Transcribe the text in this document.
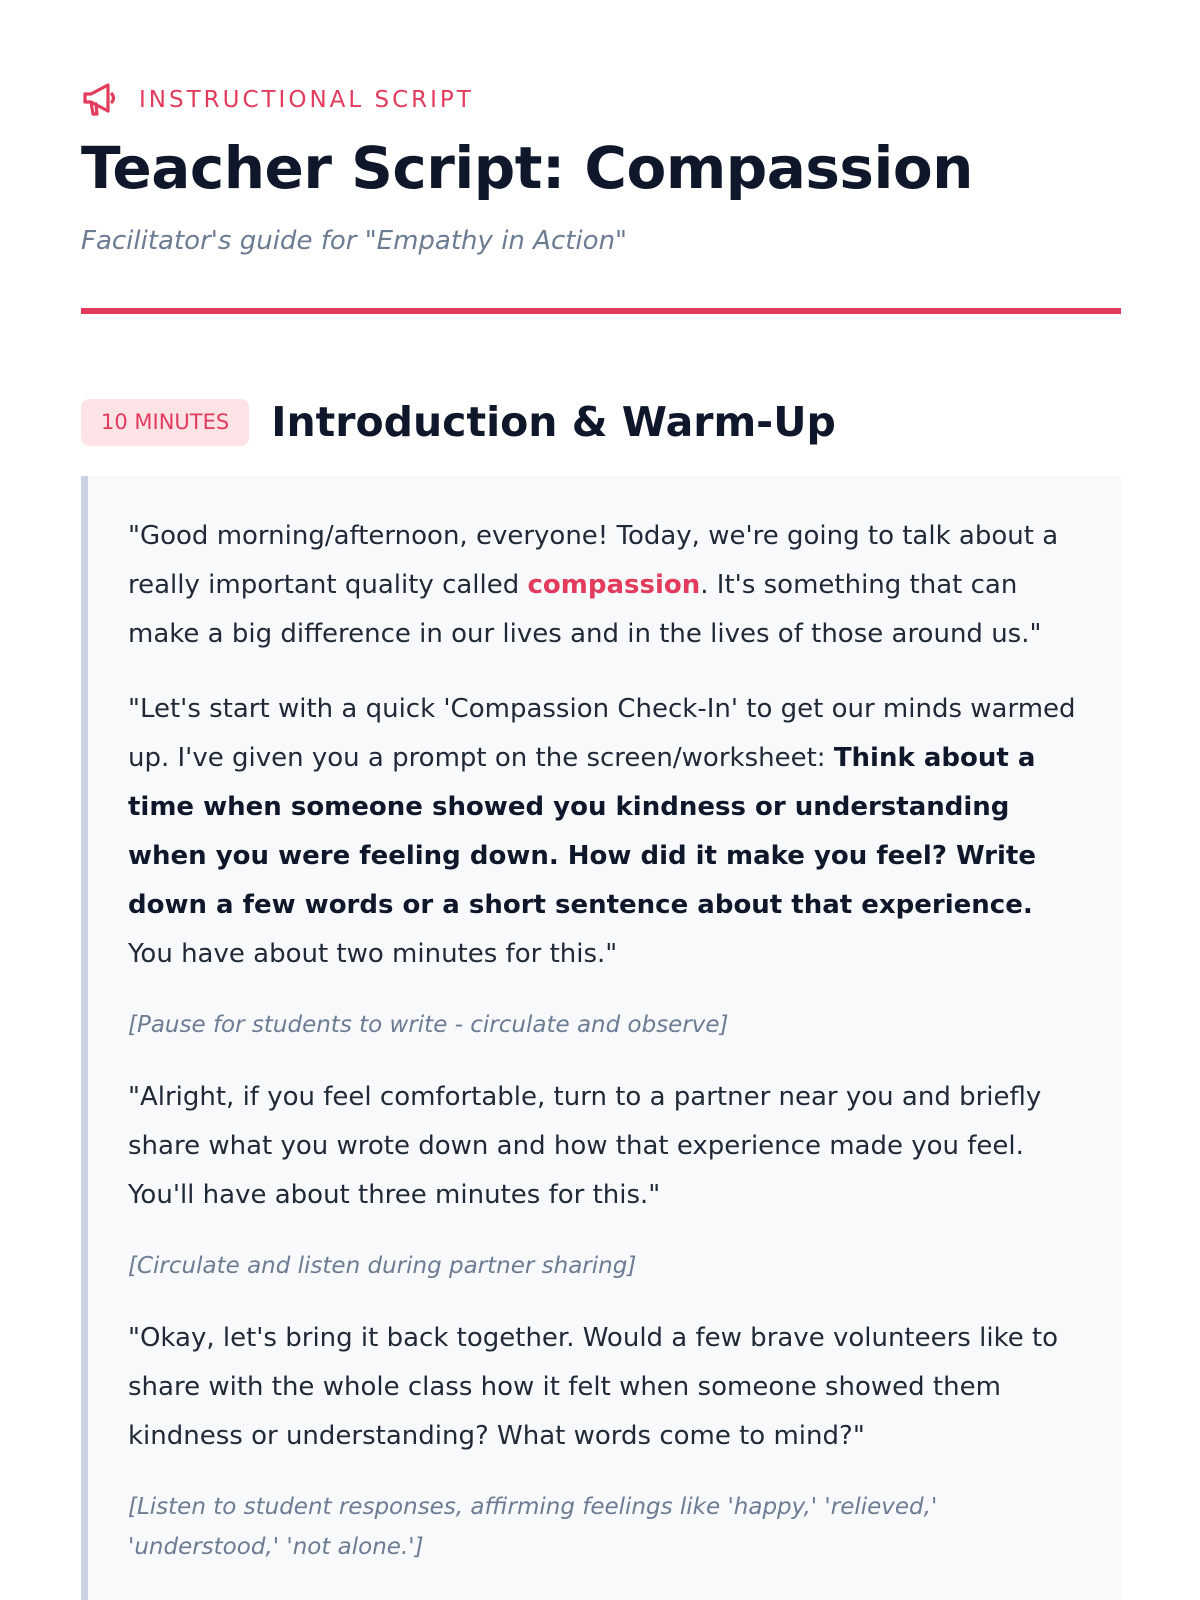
INSTRUCTIONAL SCRIPT
Teacher Script: Compassion
Facilitator's guide for "Empathy in Action"
10 MINUTES	Introduction & Warm-Up

"Good morning/afternoon, everyone! Today, we're going to talk about a really important quality called compassion. It's something that can make a big difference in our lives and in the lives of those around us."

"Let's start with a quick 'Compassion Check-In' to get our minds warmed up. I've given you a prompt on the screen/worksheet: Think about a time when someone showed you kindness or understanding when you were feeling down. How did it make you feel? Write down a few words or a short sentence about that experience. You have about two minutes for this."

[Pause for students to write - circulate and observe]

"Alright, if you feel comfortable, turn to a partner near you and briefly share what you wrote down and how that experience made you feel. You'll have about three minutes for this."

[Circulate and listen during partner sharing]

"Okay, let's bring it back together. Would a few brave volunteers like to share with the whole class how it felt when someone showed them kindness or understanding? What words come to mind?"

[Listen to student responses, affirming feelings like 'happy,' 'relieved,' 'understood,' 'not alone.']
